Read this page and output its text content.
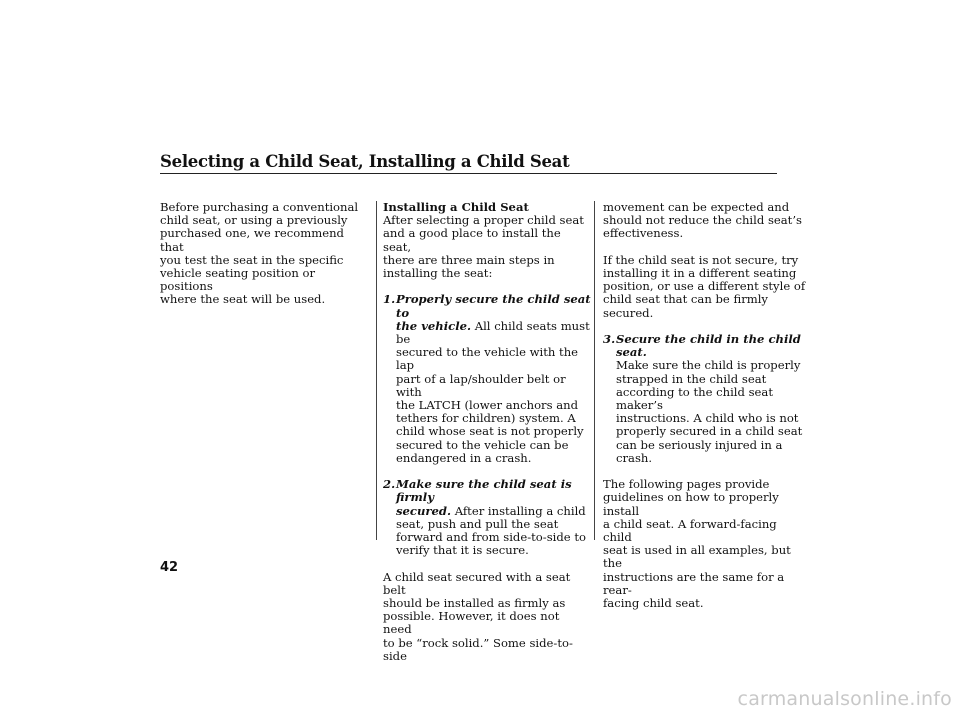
Selecting a Child Seat, Installing a Child Seat

Before purchasing a conventional

child seat, or using a previously

purchased one, we recommend that

you test the seat in the specific

vehicle seating position or positions

where the seat will be used.

Installing a Child Seat

After selecting a proper child seat

and a good place to install the seat,

there are three main steps in

installing the seat:

1. Properly secure the child seat to

the vehicle. All child seats must be

secured to the vehicle with the lap

part of a lap/shoulder belt or with

the LATCH (lower anchors and

tethers for children) system. A

child whose seat is not properly

secured to the vehicle can be

endangered in a crash.

2. Make sure the child seat is firmly

secured. After installing a child

seat, push and pull the seat

forward and from side-to-side to

verify that it is secure.

A child seat secured with a seat belt

should be installed as firmly as

possible. However, it does not need

to be “rock solid.” Some side-to-side

movement can be expected and

should not reduce the child seat’s

effectiveness.

If the child seat is not secure, try

installing it in a different seating

position, or use a different style of

child seat that can be firmly secured.

3. Secure the child in the child seat.

Make sure the child is properly

strapped in the child seat

according to the child seat maker’s

instructions. A child who is not

properly secured in a child seat

can be seriously injured in a crash.

The following pages provide

guidelines on how to properly install

a child seat. A forward-facing child

seat is used in all examples, but the

instructions are the same for a rear-

facing child seat.

42
carmanualsonline.info
